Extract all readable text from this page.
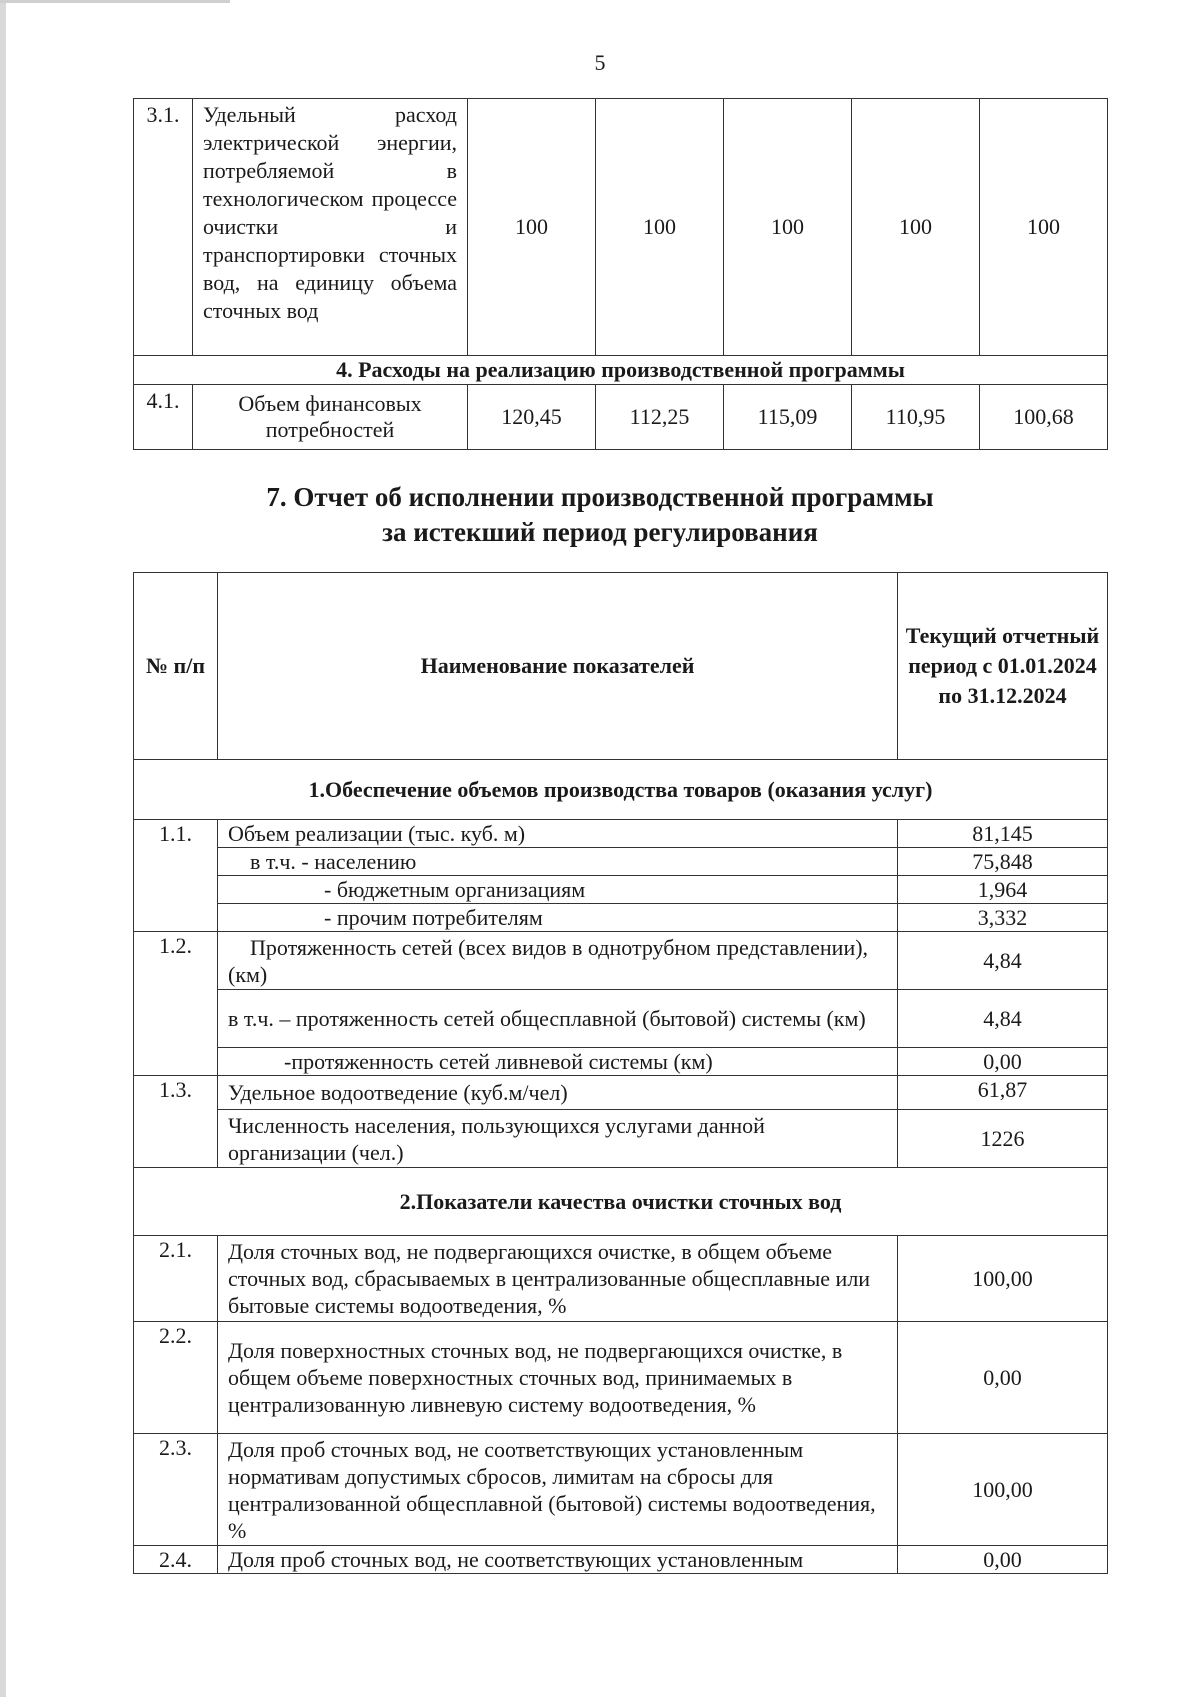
5
3.1.	Удельный расход электрической энергии, потребляемой в технологическом процессе очистки и транспортировки сточных вод, на единицу объема сточных вод	100	100	100	100	100
4. Расходы на реализацию производственной программы						
4.1.	Объем финансовых потребностей	120,45	112,25	115,09	110,95	100,68
7. Отчет об исполнении производственной программы
за истекший период регулирования
№ п/п	Наименование показателей	Текущий отчетный период с 01.01.2024 по 31.12.2024
1.Обеспечение объемов производства товаров (оказания услуг)		
1.1.	Объем реализации (тыс. куб. м)	81,145
	в т.ч. - населению	75,848
	- бюджетным организациям	1,964
	- прочим потребителям	3,332
1.2.	Протяженность сетей (всех видов в однотрубном представлении), (км)	4,84
	в т.ч. – протяженность сетей общесплавной (бытовой) системы (км)	4,84
	-протяженность сетей ливневой системы (км)	0,00
1.3.	Удельное водоотведение (куб.м/чел)	61,87
	Численность населения, пользующихся услугами данной организации (чел.)	1226
2.Показатели качества очистки сточных вод		
2.1.	Доля сточных вод, не подвергающихся очистке, в общем объеме сточных вод, сбрасываемых в централизованные общесплавные или бытовые системы водоотведения, %	100,00
2.2.	Доля поверхностных сточных вод, не подвергающихся очистке, в общем объеме поверхностных сточных вод, принимаемых в централизованную ливневую систему водоотведения, %	0,00
2.3.	Доля проб сточных вод, не соответствующих установленным нормативам допустимых сбросов, лимитам на сбросы для централизованной общесплавной (бытовой) системы водоотведения, %	100,00
2.4.	Доля проб сточных вод, не соответствующих установленным	0,00
